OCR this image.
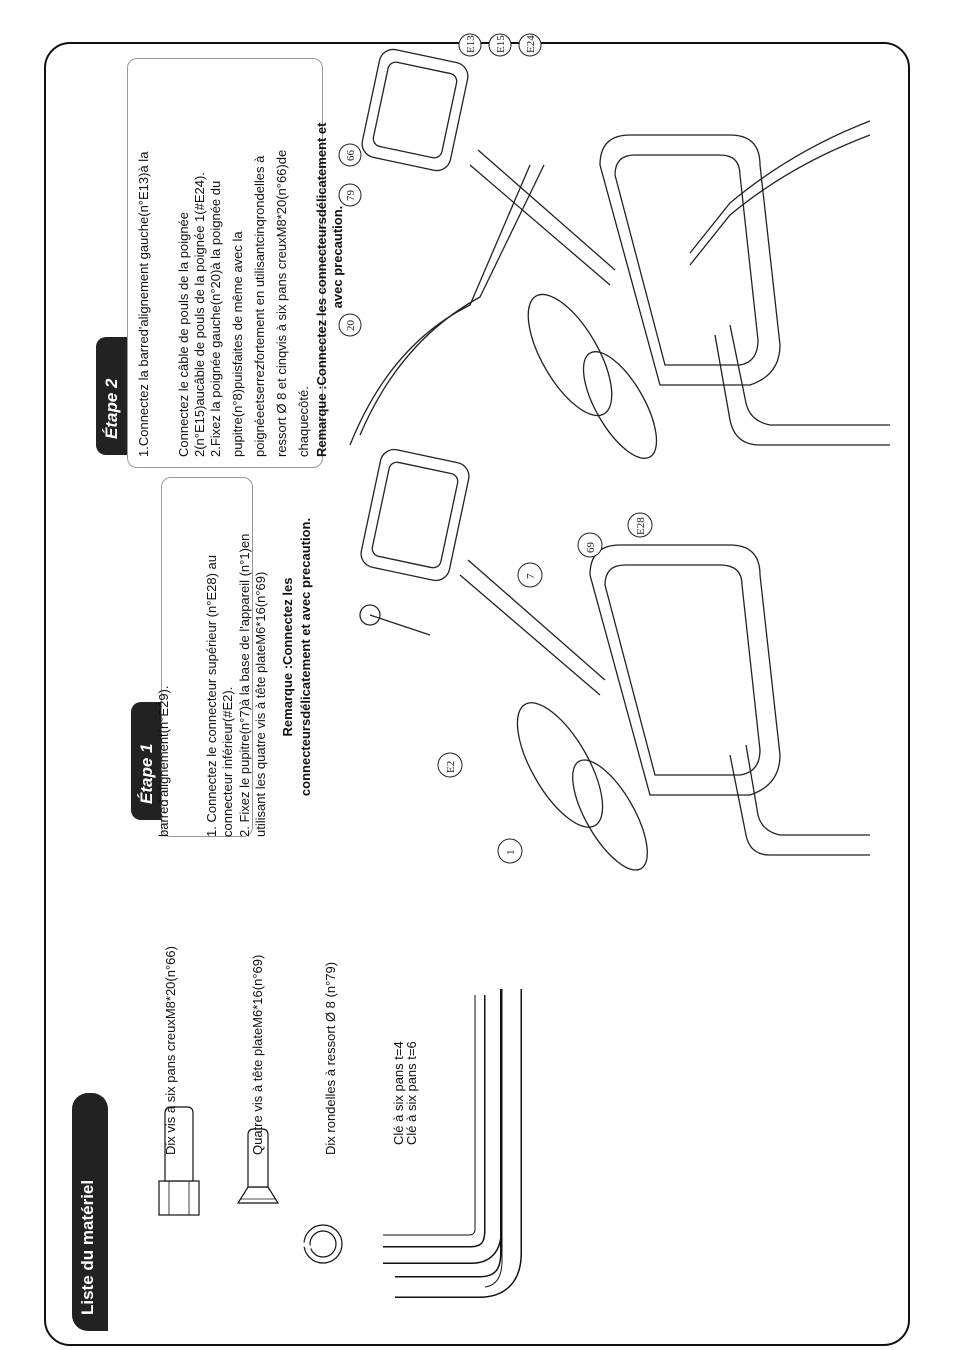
Liste du matériel
Dix vis à six pans creuxM8*20(n°66)	Quatre vis à tête plateM6*16(n°69)	Dix rondelles à ressort Ø 8 (n°79)	Clé à six pans t=4
Clé à six pans t=6
Étape 1 barred'alignement(n°E29).	1. Connectez le connecteur supérieur (n°E28) au connecteur inférieur(#E2). 2. Fixez le pupitre(n°7)à la base de l'appareil (n°1)en utilisant les quatre vis à tête plateM6*16(n°69) Remarque :Connectez les connecteursdélicatement et avec precaution.
Étape 2	1.Connectez la barred'alignement gauche(n°E13)à la Connectez le câble de pouls de la poignée 2(n°E15)aucâble de pouls de la poignée 1(#E24). 2.Fixez la poignée gauche(n°20)à la poignée du pupitre(n°8)puisfaites de même avec la poignéeetserrezfortement en utilisantcinqrondelles à ressort Ø 8 et cinqvis à six pans creuxM8*20(n°66)de chaquecôté. Remarque :Connectez les connecteursdélicatement et avec precaution.
1
E2
7
69
E28
20
79
66
E13 E15 E24
